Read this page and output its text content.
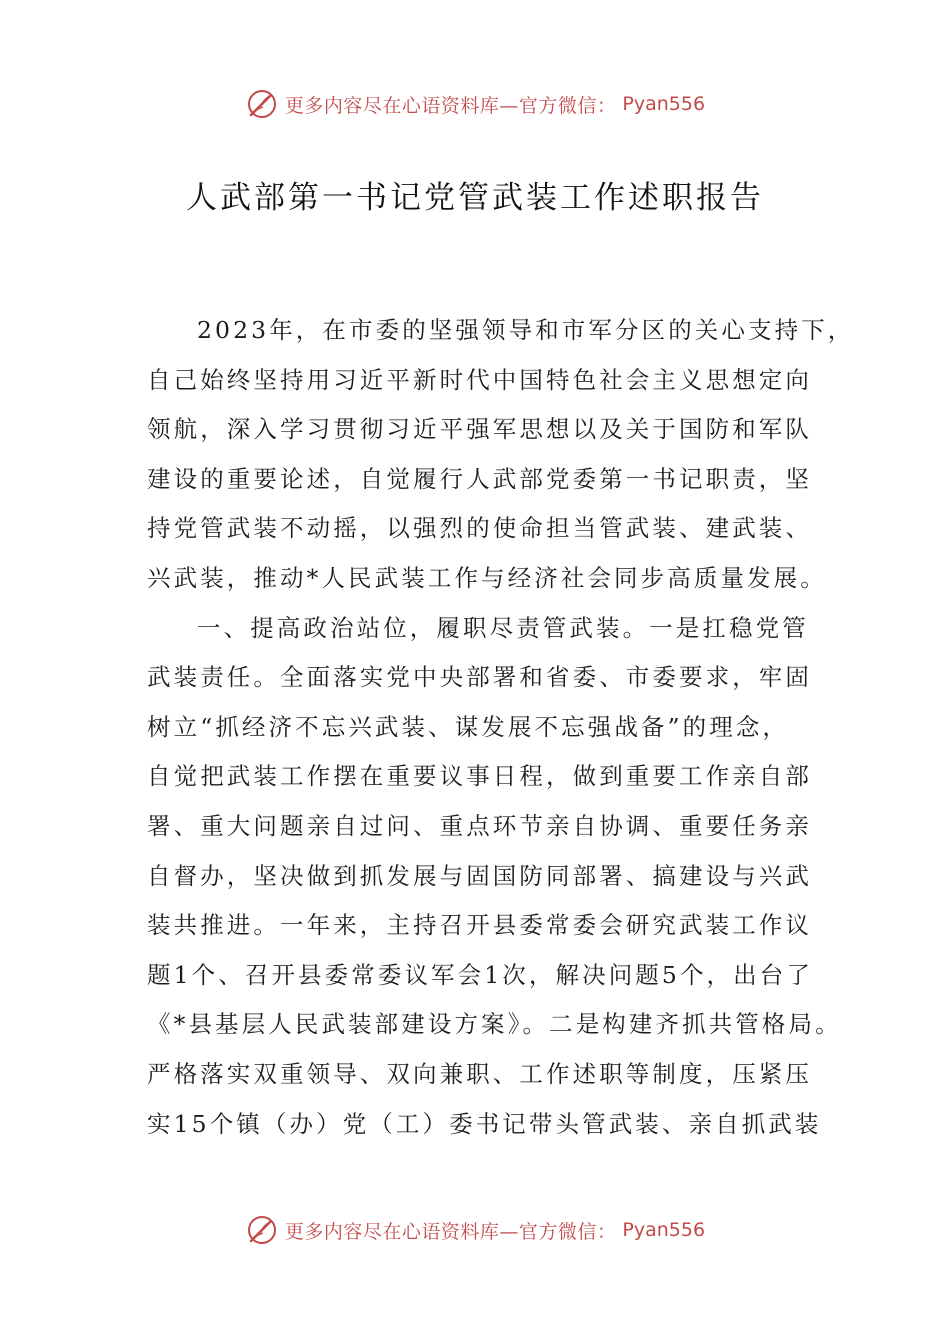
更多内容尽在心语资料库—官方微信： Pyan556
人武部第一书记党管武装工作述职报告
2023年，在市委的坚强领导和市军分区的关心支持下，
自己始终坚持用习近平新时代中国特色社会主义思想定向
领航，深入学习贯彻习近平强军思想以及关于国防和军队
建设的重要论述，自觉履行人武部党委第一书记职责，坚
持党管武装不动摇，以强烈的使命担当管武装、建武装、
兴武装，推动*人民武装工作与经济社会同步高质量发展。
一、提高政治站位，履职尽责管武装。一是扛稳党管
武装责任。全面落实党中央部署和省委、市委要求，牢固
树立“抓经济不忘兴武装、谋发展不忘强战备”的理念，
自觉把武装工作摆在重要议事日程，做到重要工作亲自部
署、重大问题亲自过问、重点环节亲自协调、重要任务亲
自督办，坚决做到抓发展与固国防同部署、搞建设与兴武
装共推进。一年来，主持召开县委常委会研究武装工作议
题1个、召开县委常委议军会1次，解决问题5个，出台了
《*县基层人民武装部建设方案》。二是构建齐抓共管格局。
严格落实双重领导、双向兼职、工作述职等制度，压紧压
实15个镇（办）党（工）委书记带头管武装、亲自抓武装
更多内容尽在心语资料库—官方微信： Pyan556
